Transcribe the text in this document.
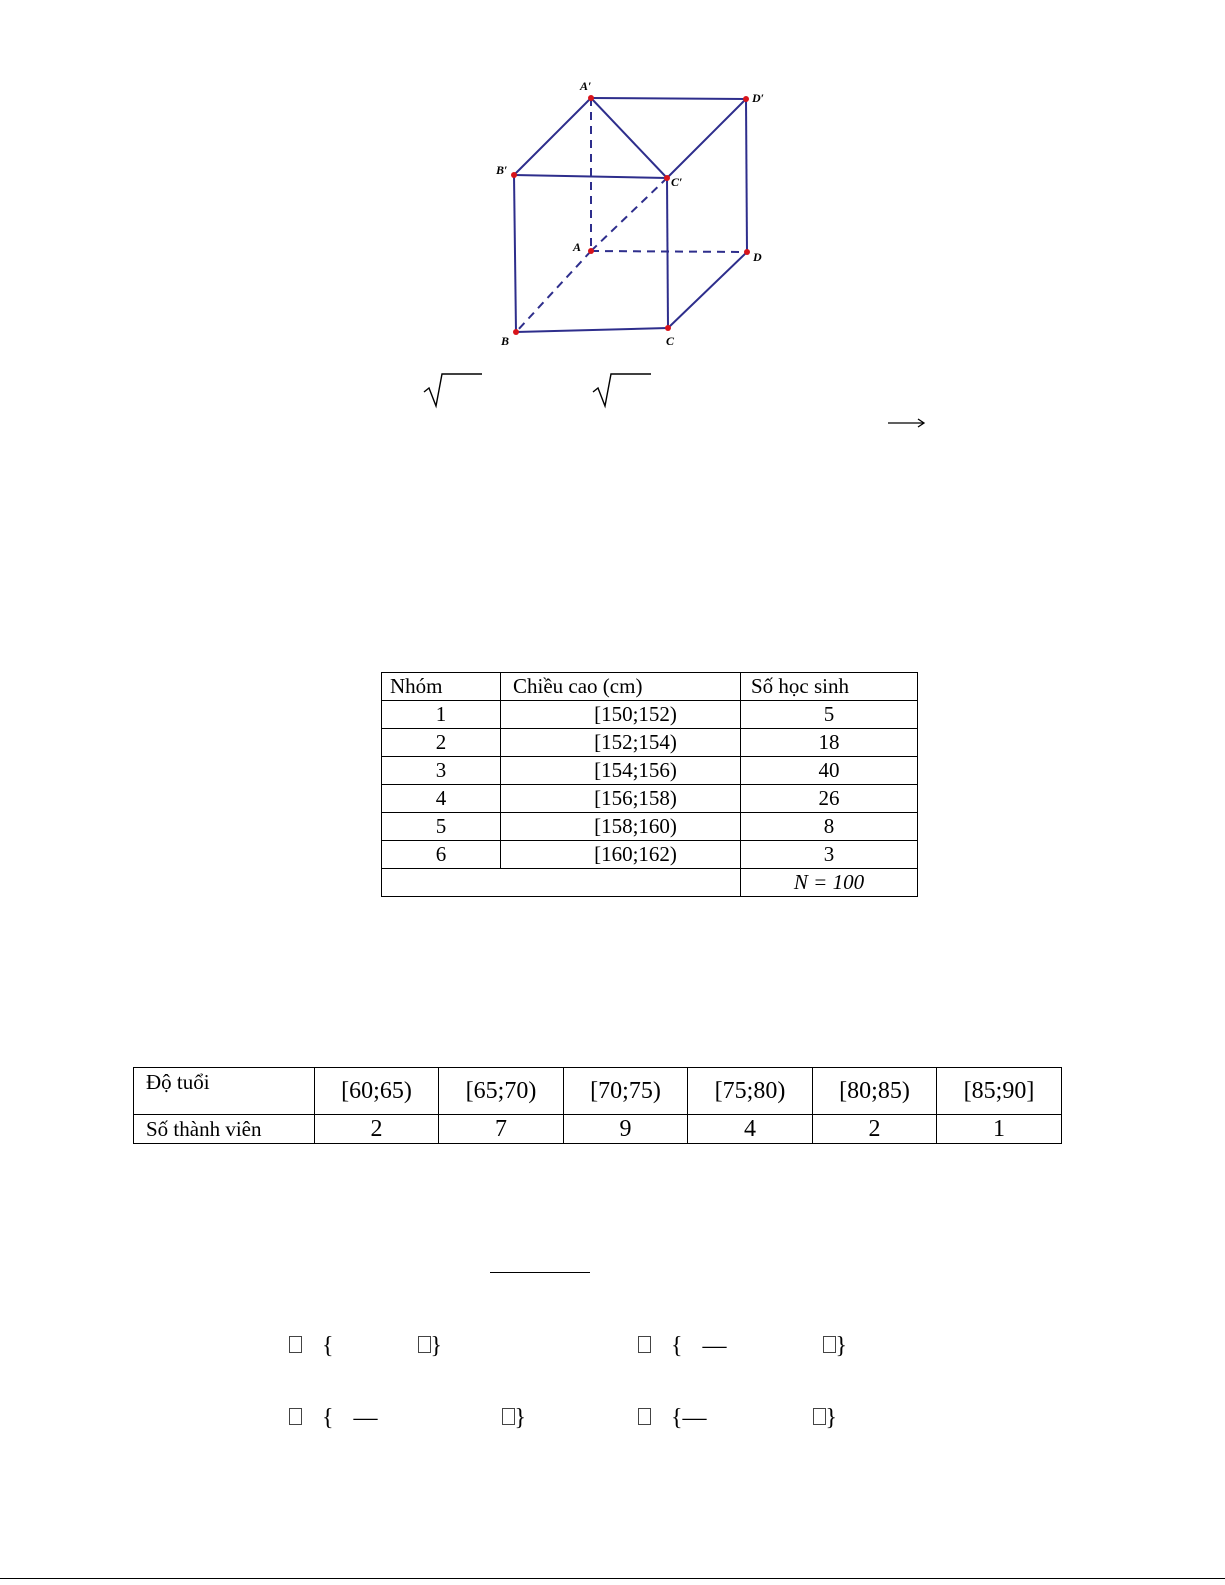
A′
D′
B′
C′
A
D
B	C
Nhóm	Chiều cao (cm)	Số học sinh
1	[150;152)	5
2	[152;154)	18
3	[154;156)	40
4	[156;158)	26
5	[158;160)	8
6	[160;162)	3
		N = 100
Độ tuổi	[60;65)	[65;70)	[70;75)	[75;80)	[80;85)	[85;90]
Số thành viên	2	7	9	4	2	1
{	}	{ —	}
{ —	}	{—	}
